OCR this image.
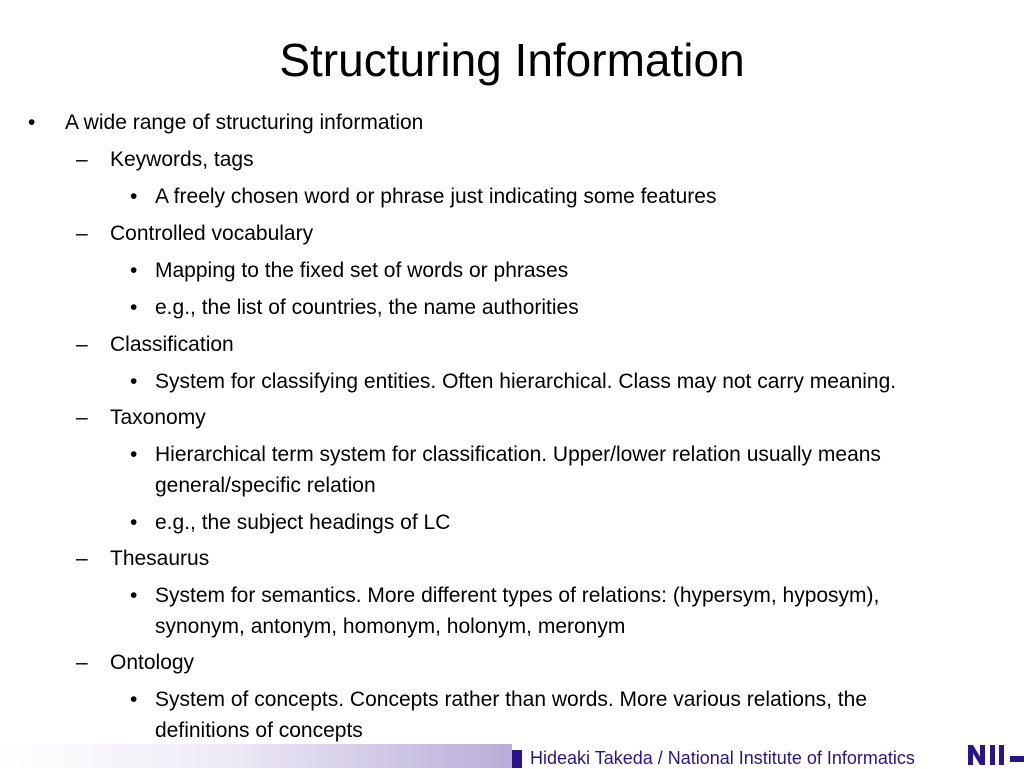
Structuring Information
• A wide range of structuring information
– Keywords, tags
• A freely chosen word or phrase just indicating some features
– Controlled vocabulary
• Mapping to the fixed set of words or phrases
• e.g., the list of countries, the name authorities
– Classification
• System for classifying entities. Often hierarchical. Class may not carry meaning.
– Taxonomy
• Hierarchical term system for classification. Upper/lower relation usually means
general/specific relation
• e.g., the subject headings of LC
– Thesaurus
• System for semantics. More different types of relations: (hypersym, hyposym),
synonym, antonym, homonym, holonym, meronym
– Ontology
• System of concepts. Concepts rather than words. More various relations, the
definitions of concepts
Hideaki Takeda / National Institute of Informatics
